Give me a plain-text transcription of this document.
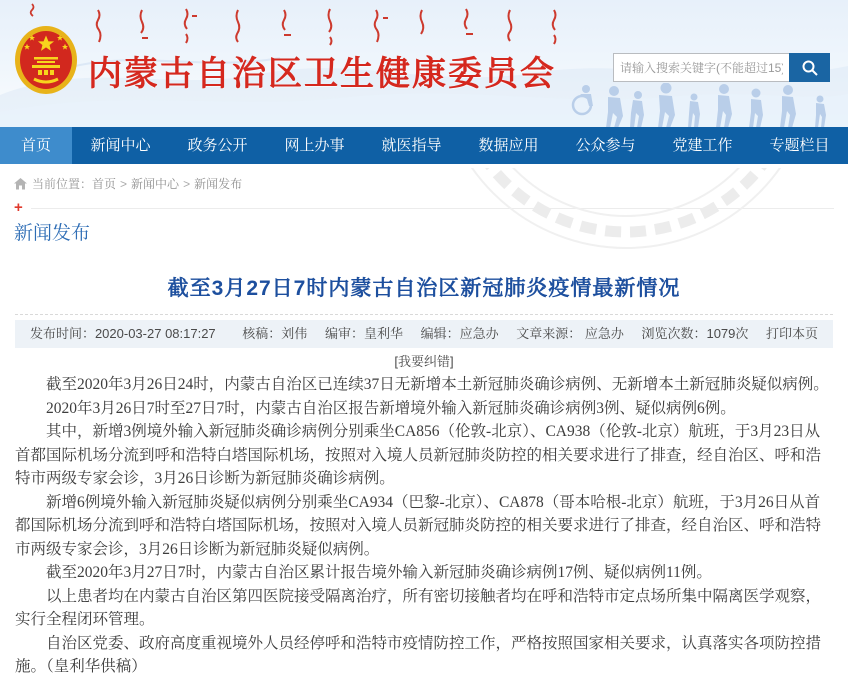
内蒙古自治区卫生健康委员会
请输入搜索关键字(不能超过15)
首页	新闻中心	政务公开	网上办事	就医指导	数据应用	公众参与	党建工作	专题栏目
当前位置： 首页 > 新闻中心 > 新闻发布
+
新闻发布
截至3月27日7时内蒙古自治区新冠肺炎疫情最新情况
发布时间：2020-03-27 08:17:27 核稿：刘伟 编审：皇利华 编辑：应急办 文章来源： 应急办 浏览次数：1079次 打印本页 [我要纠错]

截至2020年3月26日24时，内蒙古自治区已连续37日无新增本土新冠肺炎确诊病例、无新增本土新冠肺炎疑似病例。

2020年3月26日7时至27日7时，内蒙古自治区报告新增境外输入新冠肺炎确诊病例3例、疑似病例6例。

其中，新增3例境外输入新冠肺炎确诊病例分别乘坐CA856（伦敦-北京）、CA938（伦敦-北京）航班，于3月23日从首都国际机场分流到呼和浩特白塔国际机场，按照对入境人员新冠肺炎防控的相关要求进行了排查，经自治区、呼和浩特市两级专家会诊，3月26日诊断为新冠肺炎确诊病例。

新增6例境外输入新冠肺炎疑似病例分别乘坐CA934（巴黎-北京）、CA878（哥本哈根-北京）航班，于3月26日从首都国际机场分流到呼和浩特白塔国际机场，按照对入境人员新冠肺炎防控的相关要求进行了排查，经自治区、呼和浩特市两级专家会诊，3月26日诊断为新冠肺炎疑似病例。

截至2020年3月27日7时，内蒙古自治区累计报告境外输入新冠肺炎确诊病例17例、疑似病例11例。

以上患者均在内蒙古自治区第四医院接受隔离治疗，所有密切接触者均在呼和浩特市定点场所集中隔离医学观察，实行全程闭环管理。

自治区党委、政府高度重视境外人员经停呼和浩特市疫情防控工作，严格按照国家相关要求，认真落实各项防控措施。（皇利华供稿）
